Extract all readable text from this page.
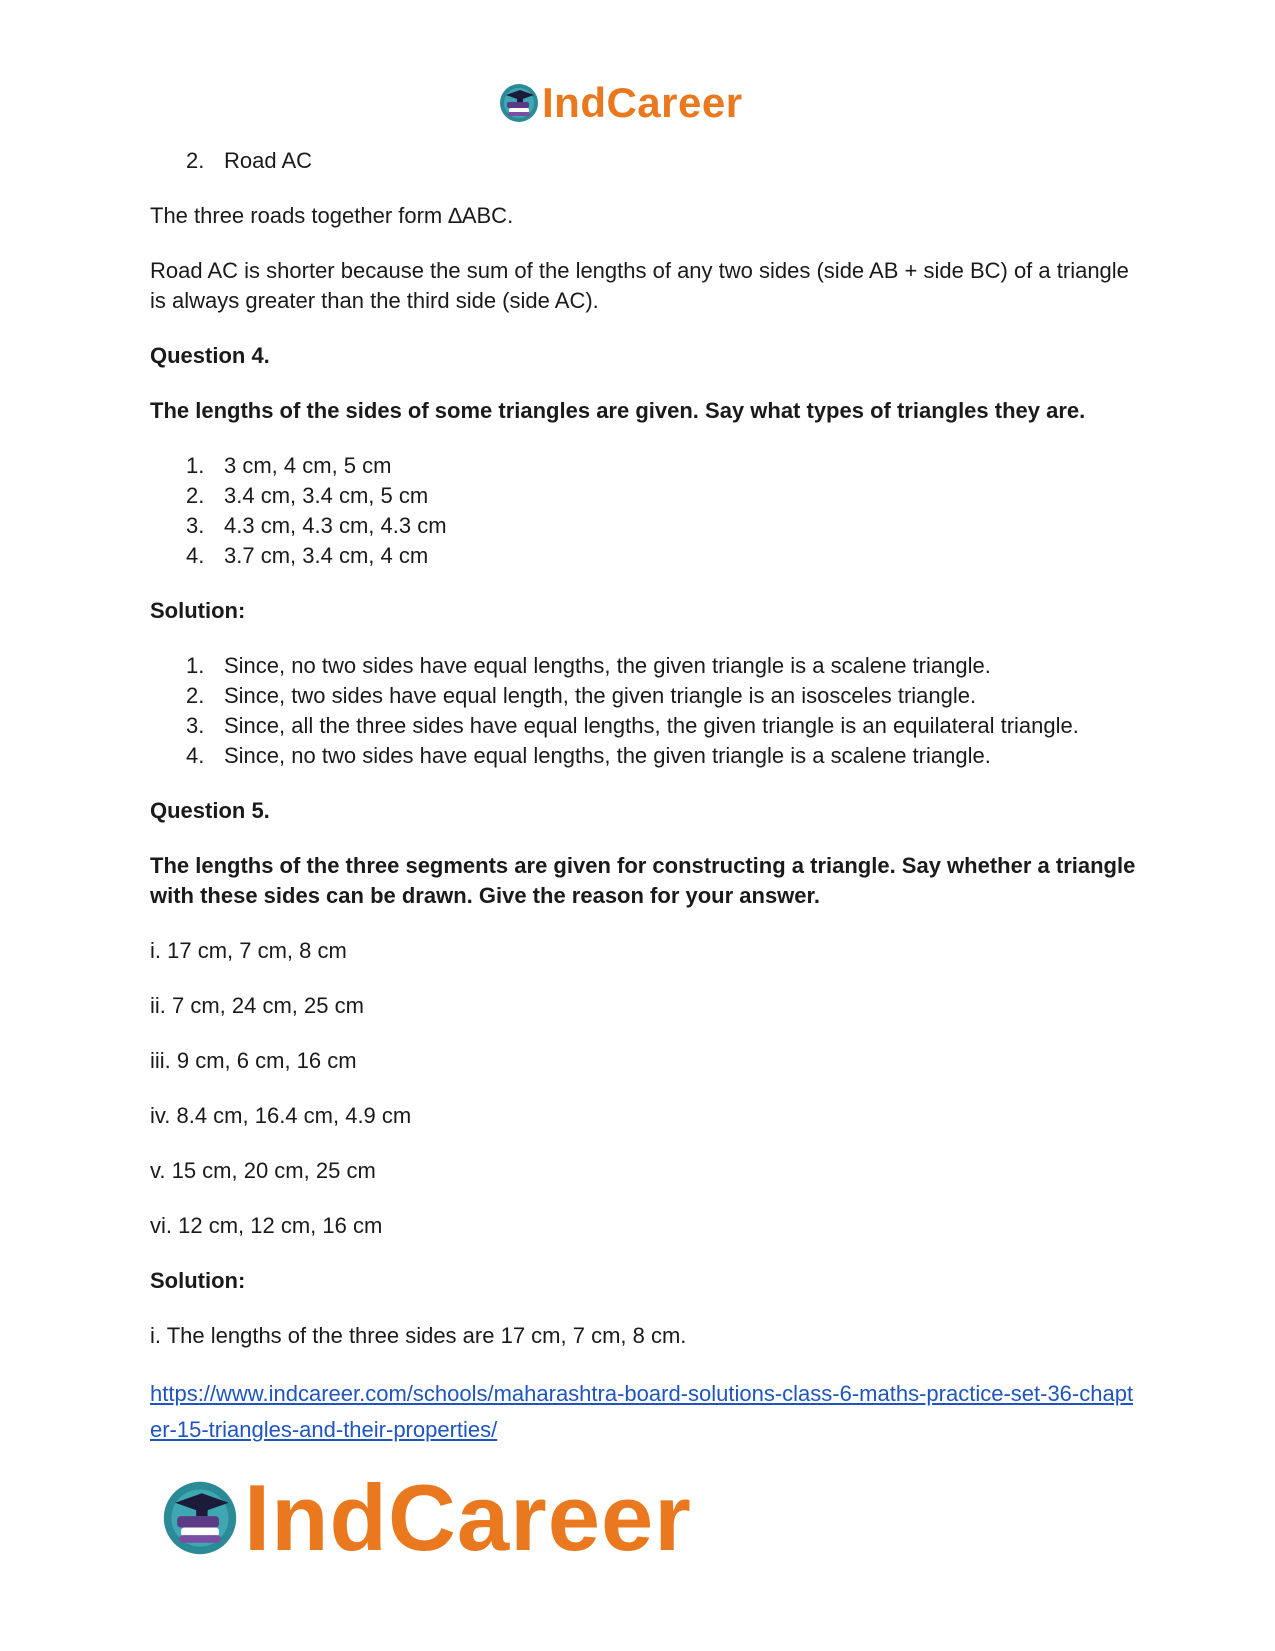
IndCareer
2. Road AC

The three roads together form ∆ABC.

Road AC is shorter because the sum of the lengths of any two sides (side AB + side BC) of a triangle is always greater than the third side (side AC).

Question 4.

The lengths of the sides of some triangles are given. Say what types of triangles they are.

1. 3 cm, 4 cm, 5 cm
2. 3.4 cm, 3.4 cm, 5 cm
3. 4.3 cm, 4.3 cm, 4.3 cm
4. 3.7 cm, 3.4 cm, 4 cm

Solution:

1. Since, no two sides have equal lengths, the given triangle is a scalene triangle.
2. Since, two sides have equal length, the given triangle is an isosceles triangle.
3. Since, all the three sides have equal lengths, the given triangle is an equilateral triangle.
4. Since, no two sides have equal lengths, the given triangle is a scalene triangle.

Question 5.

The lengths of the three segments are given for constructing a triangle. Say whether a triangle with these sides can be drawn. Give the reason for your answer.

i. 17 cm, 7 cm, 8 cm

ii. 7 cm, 24 cm, 25 cm

iii. 9 cm, 6 cm, 16 cm

iv. 8.4 cm, 16.4 cm, 4.9 cm

v. 15 cm, 20 cm, 25 cm

vi. 12 cm, 12 cm, 16 cm

Solution:

i. The lengths of the three sides are 17 cm, 7 cm, 8 cm.

https://www.indcareer.com/schools/maharashtra-board-solutions-class-6-maths-practice-set-36-chapter-15-triangles-and-their-properties/
IndCareer
